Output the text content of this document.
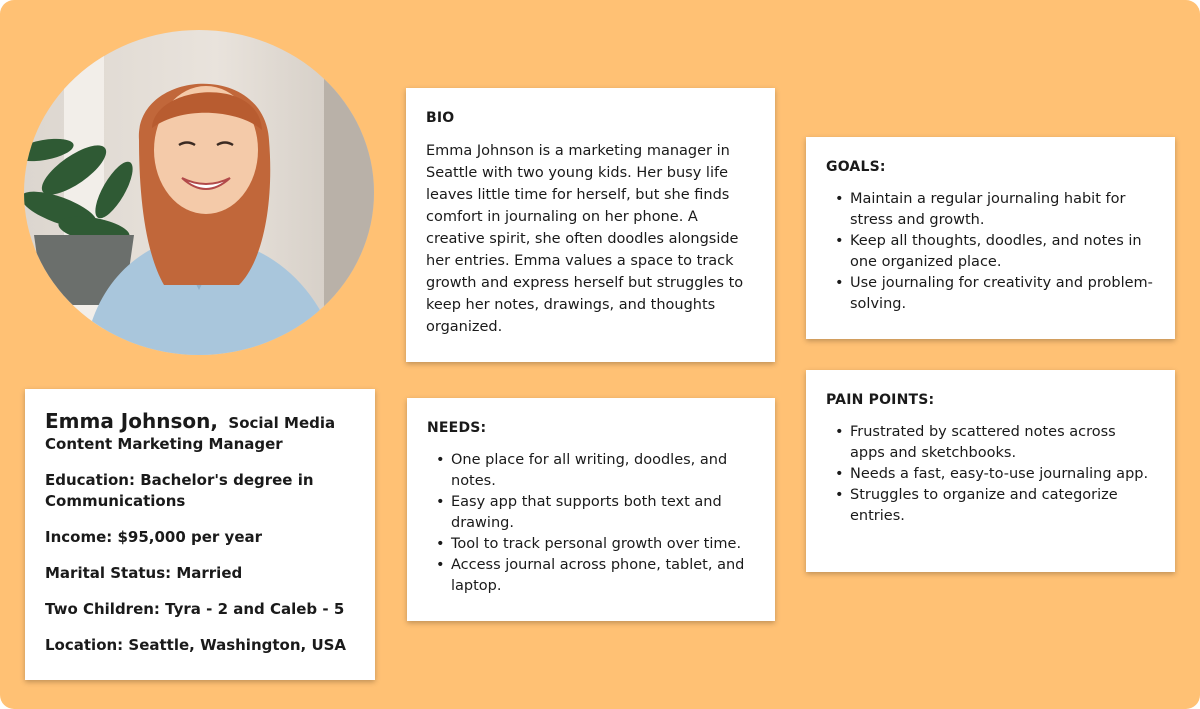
Emma Johnson, Social Media Content Marketing Manager
Education: Bachelor's degree in Communications
Income: $95,000 per year
Marital Status: Married
Two Children: Tyra - 2 and Caleb - 5
Location: Seattle, Washington, USA
BIO

Emma Johnson is a marketing manager in Seattle with two young kids. Her busy life leaves little time for herself, but she finds comfort in journaling on her phone. A creative spirit, she often doodles alongside her entries. Emma values a space to track growth and express herself but struggles to keep her notes, drawings, and thoughts organized.

NEEDS:
• One place for all writing, doodles, and notes.
• Easy app that supports both text and drawing.
• Tool to track personal growth over time.
• Access journal across phone, tablet, and laptop.
GOALS:
• Maintain a regular journaling habit for stress and growth.
• Keep all thoughts, doodles, and notes in one organized place.
• Use journaling for creativity and problem-solving.
PAIN POINTS:
• Frustrated by scattered notes across apps and sketchbooks.
• Needs a fast, easy-to-use journaling app.
• Struggles to organize and categorize entries.
